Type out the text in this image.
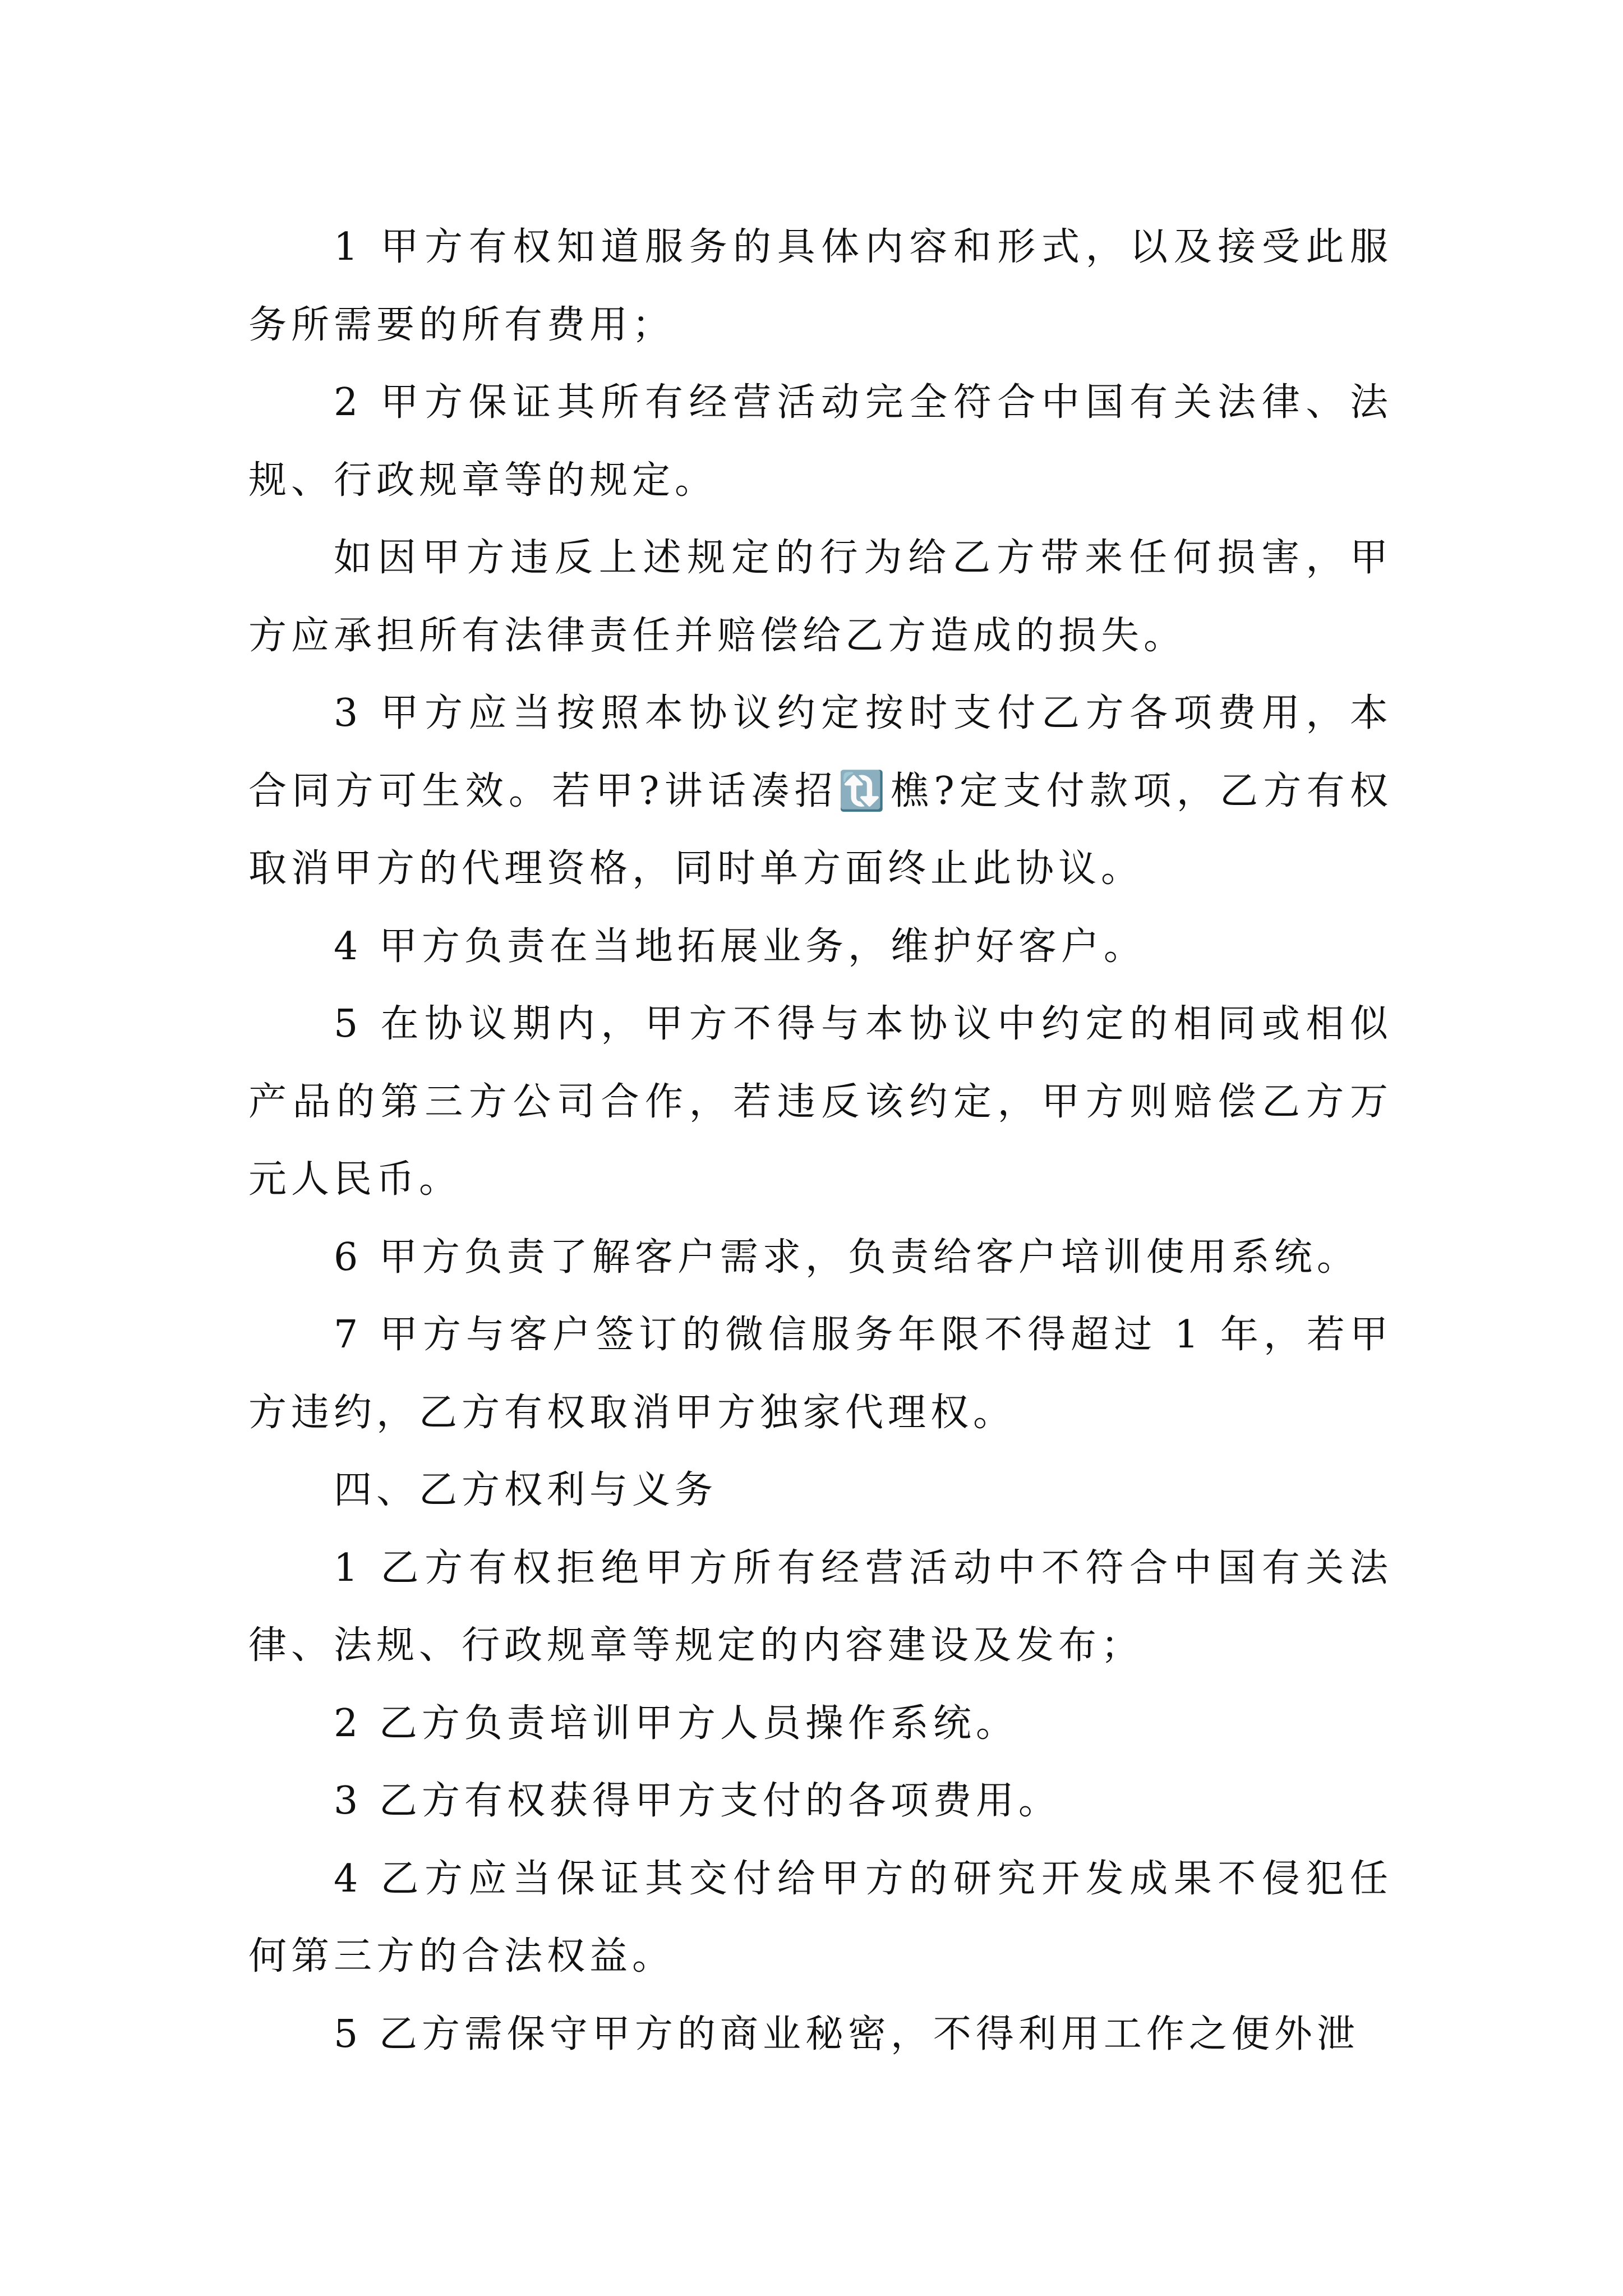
1 甲方有权知道服务的具体内容和形式，以及接受此服务所需要的所有费用；

2 甲方保证其所有经营活动完全符合中国有关法律、法规、行政规章等的规定。

如因甲方违反上述规定的行为给乙方带来任何损害，甲方应承担所有法律责任并赔偿给乙方造成的损失。

3 甲方应当按照本协议约定按时支付乙方各项费用，本合同方可生效。若甲?讲话凑招🔃樵?定支付款项，乙方有权取消甲方的代理资格，同时单方面终止此协议。

4 甲方负责在当地拓展业务，维护好客户。

5 在协议期内，甲方不得与本协议中约定的相同或相似产品的第三方公司合作，若违反该约定，甲方则赔偿乙方万元人民币。

6 甲方负责了解客户需求，负责给客户培训使用系统。

7 甲方与客户签订的微信服务年限不得超过 1 年，若甲方违约，乙方有权取消甲方独家代理权。

四、乙方权利与义务

1 乙方有权拒绝甲方所有经营活动中不符合中国有关法律、法规、行政规章等规定的内容建设及发布；

2 乙方负责培训甲方人员操作系统。

3 乙方有权获得甲方支付的各项费用。

4 乙方应当保证其交付给甲方的研究开发成果不侵犯任何第三方的合法权益。

5 乙方需保守甲方的商业秘密，不得利用工作之便外泄
